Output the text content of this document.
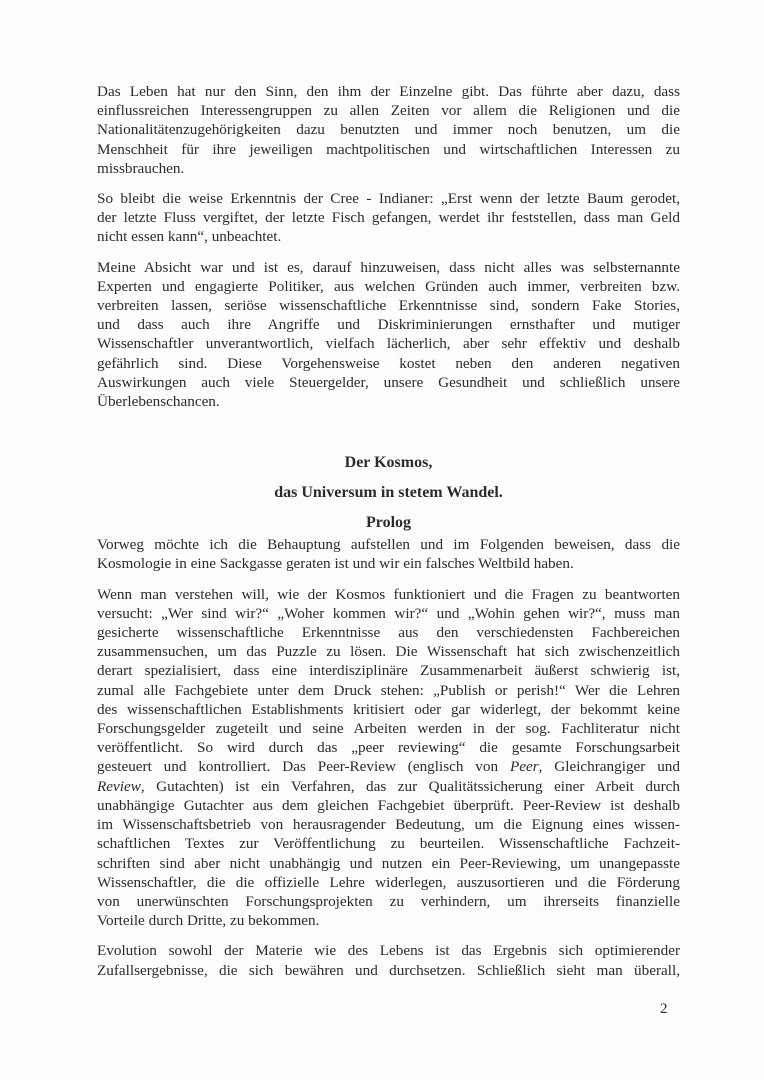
Das Leben hat nur den Sinn, den ihm der Einzelne gibt. Das führte aber dazu, dass
einflussreichen Interessengruppen zu allen Zeiten vor allem die Religionen und die
Nationalitätenzugehörigkeiten dazu benutzten und immer noch benutzen, um die
Menschheit für ihre jeweiligen machtpolitischen und wirtschaftlichen Interessen zu
missbrauchen.
So bleibt die weise Erkenntnis der Cree - Indianer: „Erst wenn der letzte Baum gerodet,
der letzte Fluss vergiftet, der letzte Fisch gefangen, werdet ihr feststellen, dass man Geld
nicht essen kann“, unbeachtet.
Meine Absicht war und ist es, darauf hinzuweisen, dass nicht alles was selbsternannte
Experten und engagierte Politiker, aus welchen Gründen auch immer, verbreiten bzw.
verbreiten lassen, seriöse wissenschaftliche Erkenntnisse sind, sondern Fake Stories,
und dass auch ihre Angriffe und Diskriminierungen ernsthafter und mutiger
Wissenschaftler unverantwortlich, vielfach lächerlich, aber sehr effektiv und deshalb
gefährlich sind. Diese Vorgehensweise kostet neben den anderen negativen
Auswirkungen auch viele Steuergelder, unsere Gesundheit und schließlich unsere
Überlebenschancen.
Der Kosmos,
das Universum in stetem Wandel.
Prolog
Vorweg möchte ich die Behauptung aufstellen und im Folgenden beweisen, dass die
Kosmologie in eine Sackgasse geraten ist und wir ein falsches Weltbild haben.
Wenn man verstehen will, wie der Kosmos funktioniert und die Fragen zu beantworten
versucht: „Wer sind wir?“ „Woher kommen wir?“ und „Wohin gehen wir?“, muss man
gesicherte wissenschaftliche Erkenntnisse aus den verschiedensten Fachbereichen
zusammensuchen, um das Puzzle zu lösen. Die Wissenschaft hat sich zwischenzeitlich
derart spezialisiert, dass eine interdisziplinäre Zusammenarbeit äußerst schwierig ist,
zumal alle Fachgebiete unter dem Druck stehen: „Publish or perish!“ Wer die Lehren
des wissenschaftlichen Establishments kritisiert oder gar widerlegt, der bekommt keine
Forschungsgelder zugeteilt und seine Arbeiten werden in der sog. Fachliteratur nicht
veröffentlicht. So wird durch das „peer reviewing“ die gesamte Forschungsarbeit
gesteuert und kontrolliert. Das Peer-Review (englisch von Peer, Gleichrangiger und
Review, Gutachten) ist ein Verfahren, das zur Qualitätssicherung einer Arbeit durch
unabhängige Gutachter aus dem gleichen Fachgebiet überprüft. Peer-Review ist deshalb
im Wissenschaftsbetrieb von herausragender Bedeutung, um die Eignung eines wissen-
schaftlichen Textes zur Veröffentlichung zu beurteilen. Wissenschaftliche Fachzeit-
schriften sind aber nicht unabhängig und nutzen ein Peer-Reviewing, um unangepasste
Wissenschaftler, die die offizielle Lehre widerlegen, auszusortieren und die Förderung
von unerwünschten Forschungsprojekten zu verhindern, um ihrerseits finanzielle
Vorteile durch Dritte, zu bekommen.
Evolution sowohl der Materie wie des Lebens ist das Ergebnis sich optimierender
Zufallsergebnisse, die sich bewähren und durchsetzen. Schließlich sieht man überall,
2
